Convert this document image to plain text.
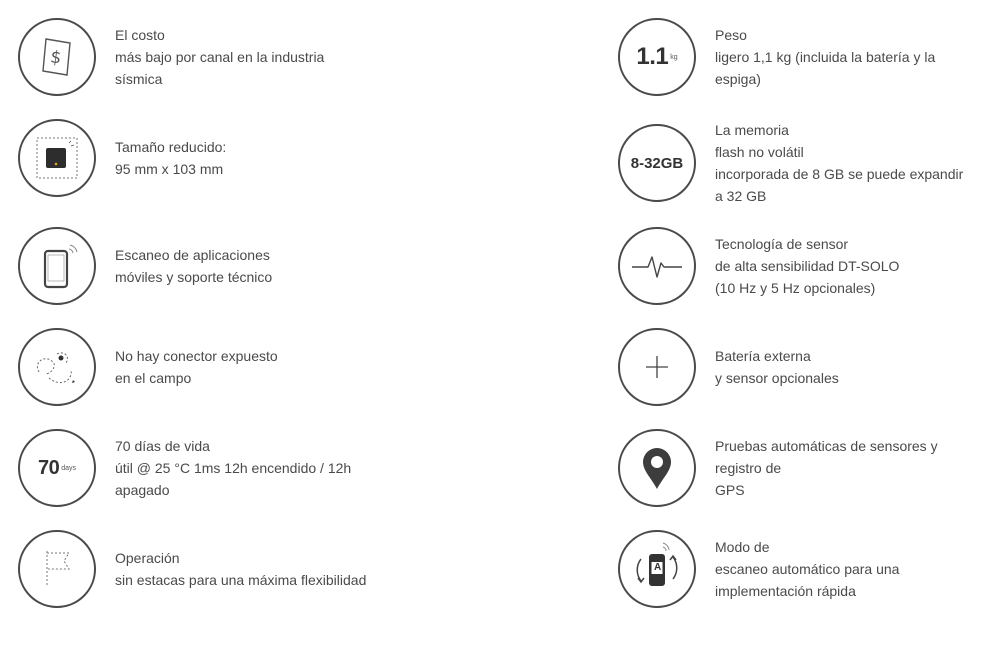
$
El costo
más bajo por canal en la industria
sísmica
Tamaño reducido:
95 mm x 103 mm
Escaneo de aplicaciones
móviles y soporte técnico
No hay conector expuesto
en el campo
70 days
70 días de vida
útil @ 25 °C 1ms 12h encendido / 12h
apagado
Operación
sin estacas para una máxima flexibilidad
1.1 kg
Peso
ligero 1,1 kg (incluida la batería y la
espiga)
8-32GB
La memoria
flash no volátil
incorporada de 8 GB se puede expandir
a 32 GB
Tecnología de sensor
de alta sensibilidad DT-SOLO
(10 Hz y 5 Hz opcionales)
Batería externa
y sensor opcionales
Pruebas automáticas de sensores y
registro de
GPS
A
Modo de
escaneo automático para una
implementación rápida
